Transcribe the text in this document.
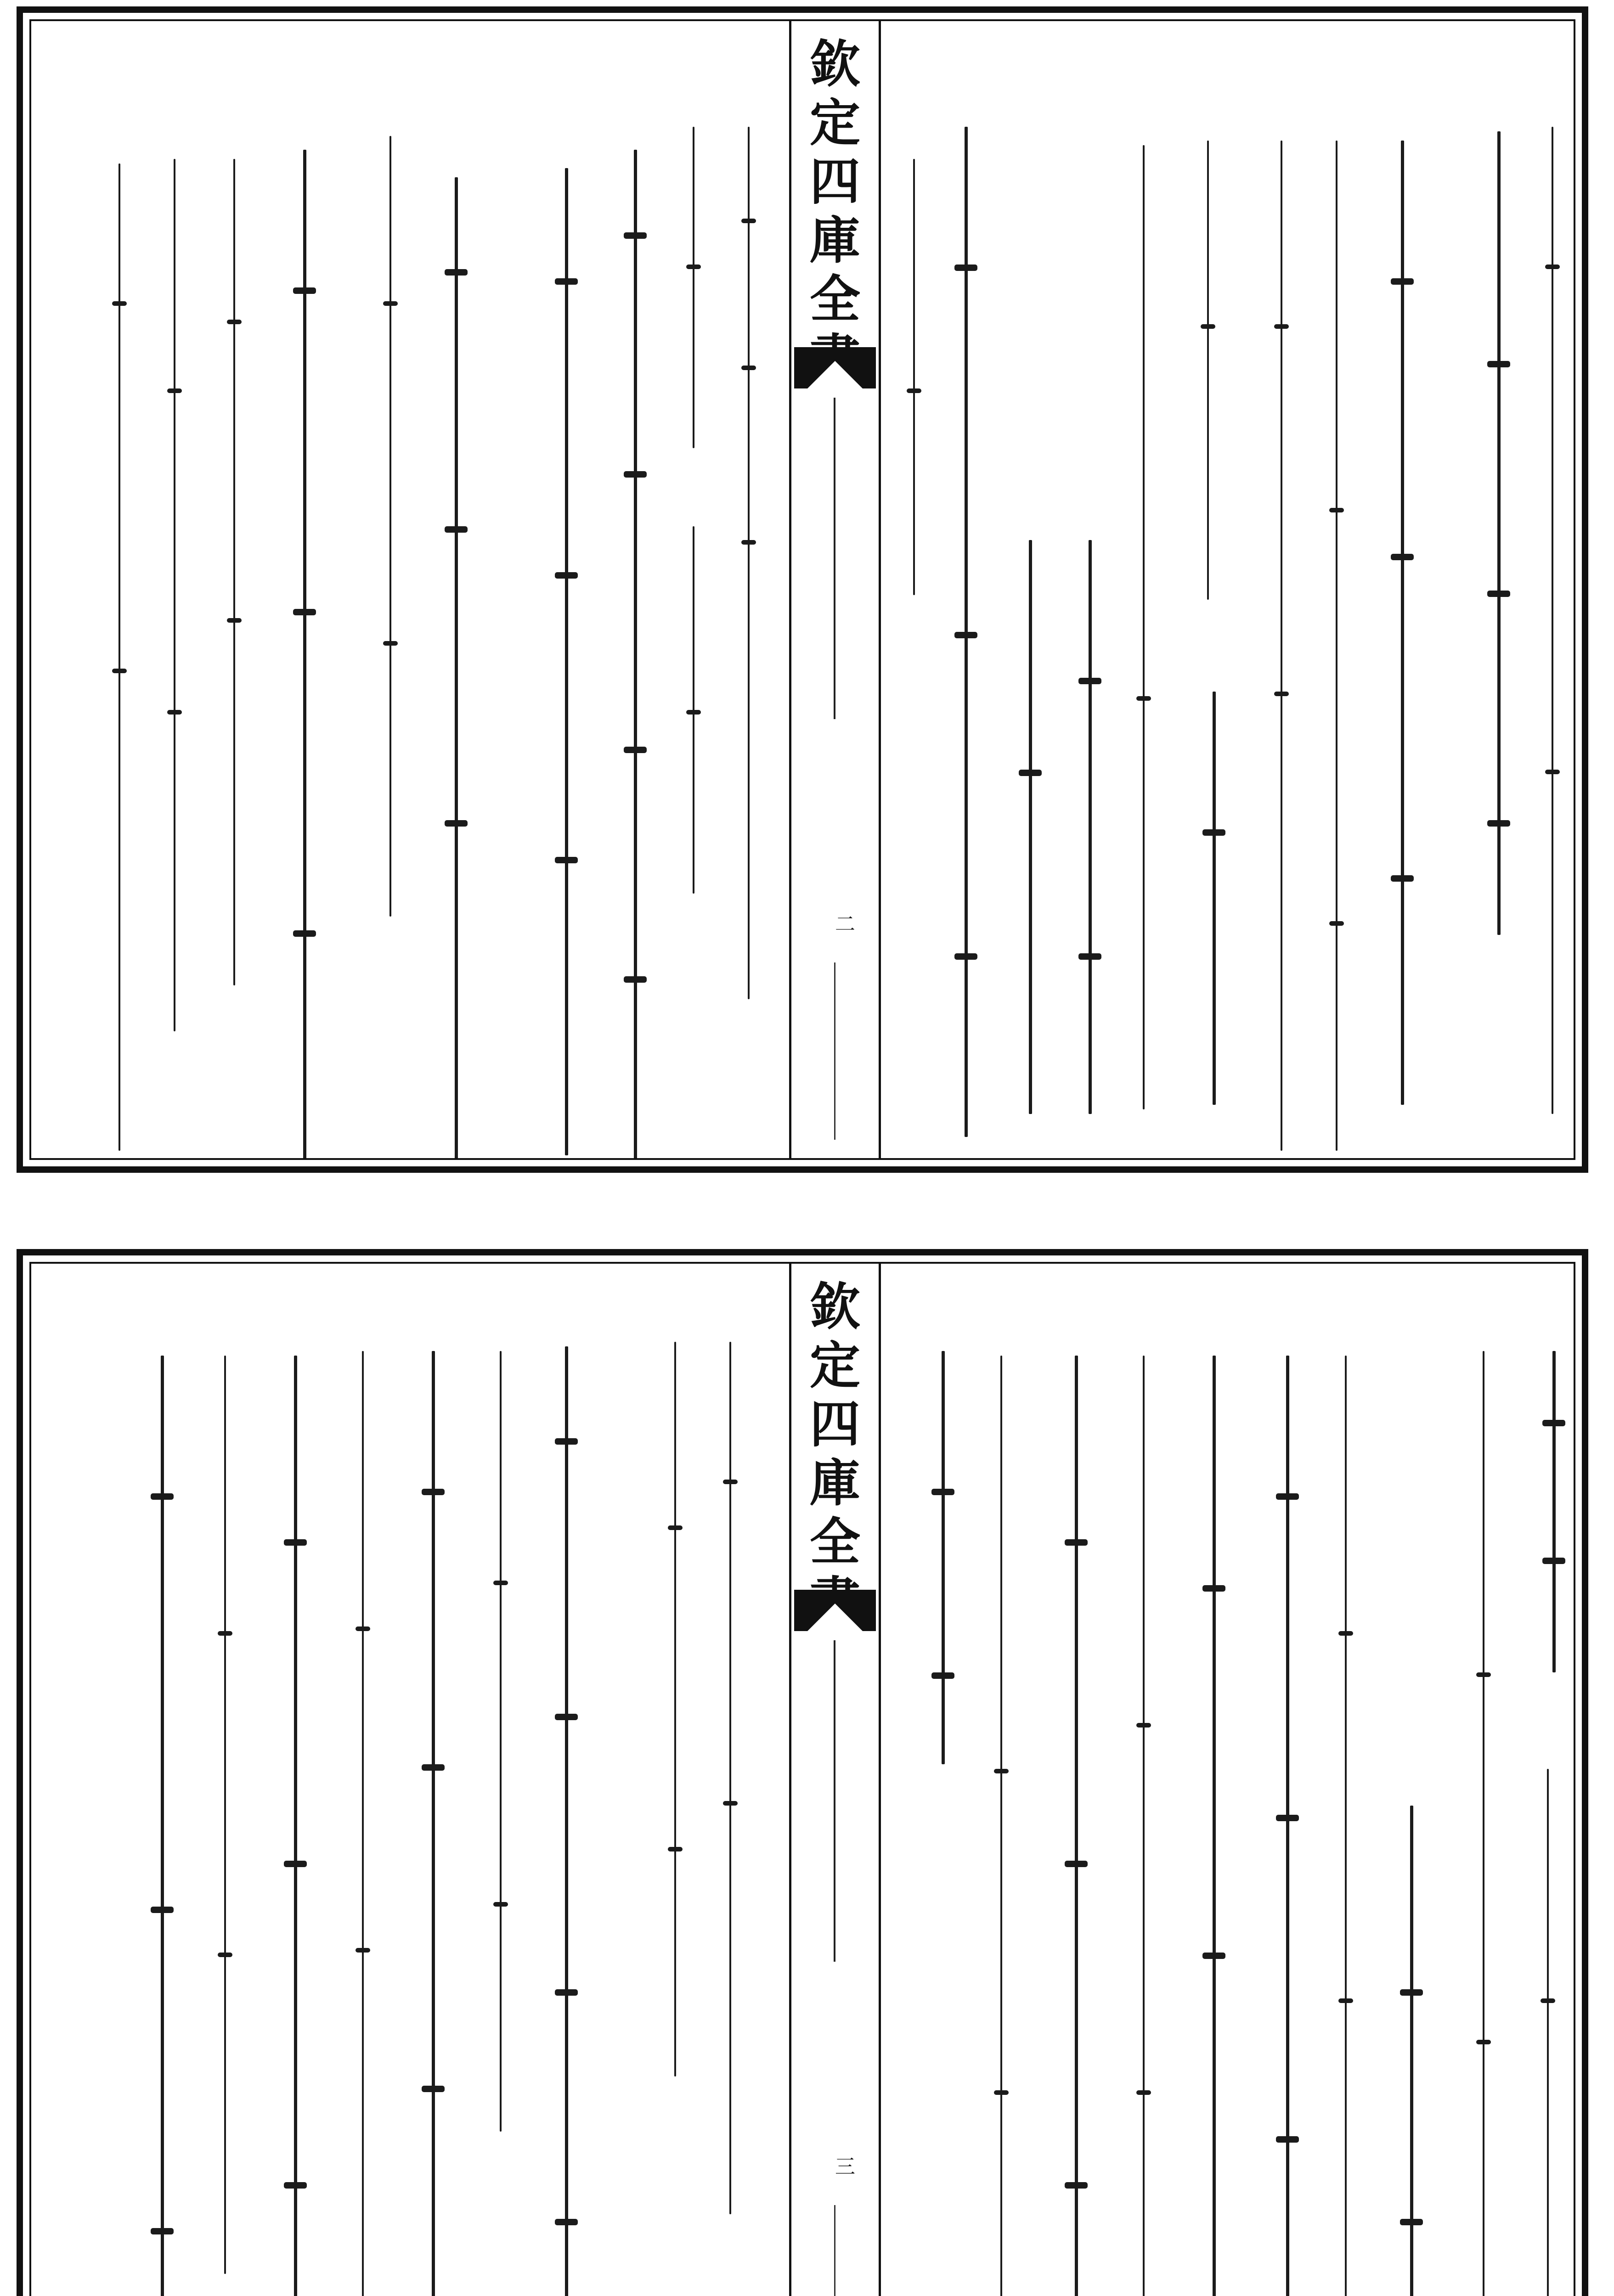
欽
定
四
庫
全
二
欽
定
四
庫
全
三
